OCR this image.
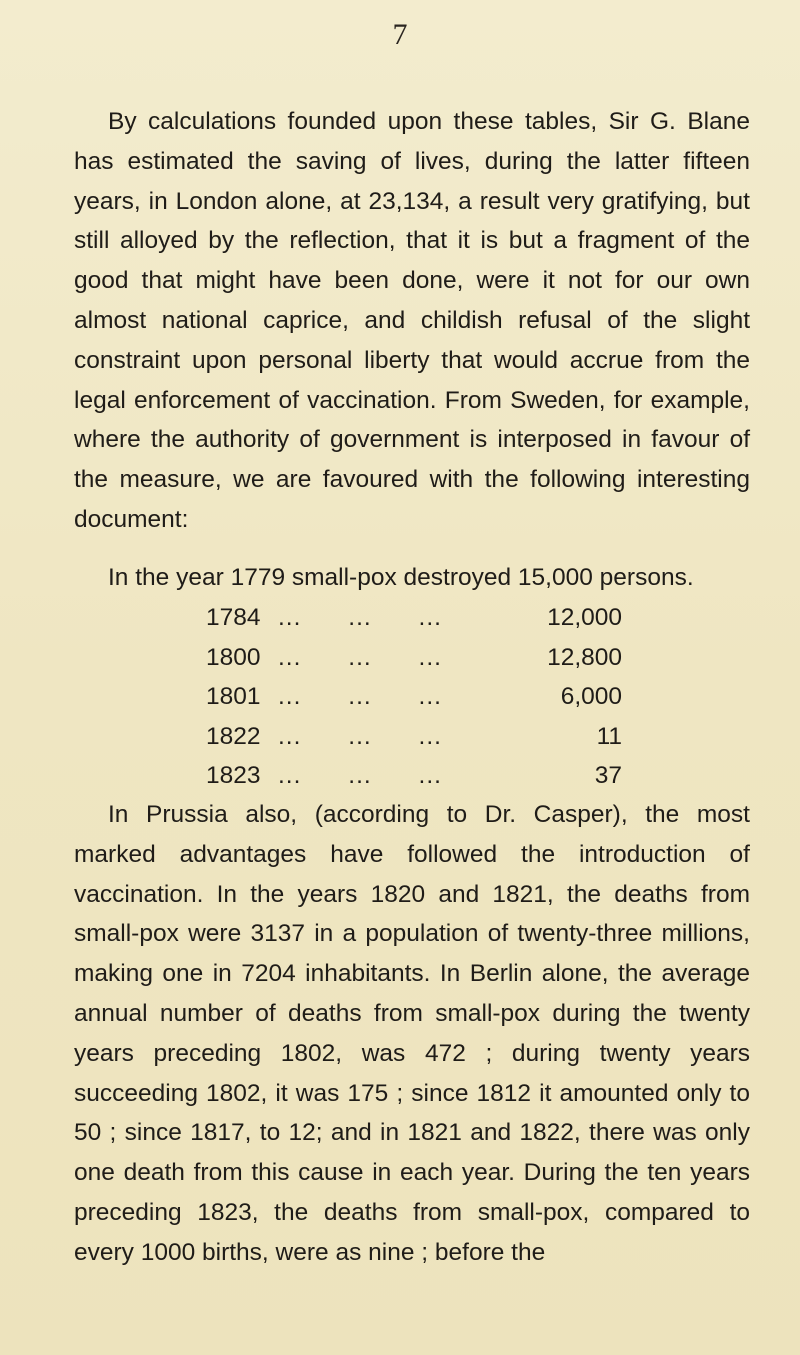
7

By calculations founded upon these tables, Sir G. Blane has estimated the saving of lives, during the latter fifteen years, in London alone, at 23,134, a result very gratifying, but still alloyed by the reflection, that it is but a fragment of the good that might have been done, were it not for our own almost national caprice, and childish refusal of the slight constraint upon personal liberty that would accrue from the legal enforcement of vaccination. From Sweden, for example, where the authority of government is interposed in favour of the measure, we are favoured with the following interesting document:

In the year 1779 small-pox destroyed 15,000 persons.
1784 ...      ...      ...	12,000
1800 ...      ...      ...	12,800
1801 ...      ...      ...	6,000
1822 ...      ...      ...	11
1823 ...      ...      ...	37

In Prussia also, (according to Dr. Casper), the most marked advantages have followed the introduction of vaccination. In the years 1820 and 1821, the deaths from small-pox were 3137 in a population of twenty-three millions, making one in 7204 inhabitants. In Berlin alone, the average annual number of deaths from small-pox during the twenty years preceding 1802, was 472 ; during twenty years succeeding 1802, it was 175 ; since 1812 it amounted only to 50 ; since 1817, to 12; and in 1821 and 1822, there was only one death from this cause in each year. During the ten years preceding 1823, the deaths from small-pox, compared to every 1000 births, were as nine ; before the
